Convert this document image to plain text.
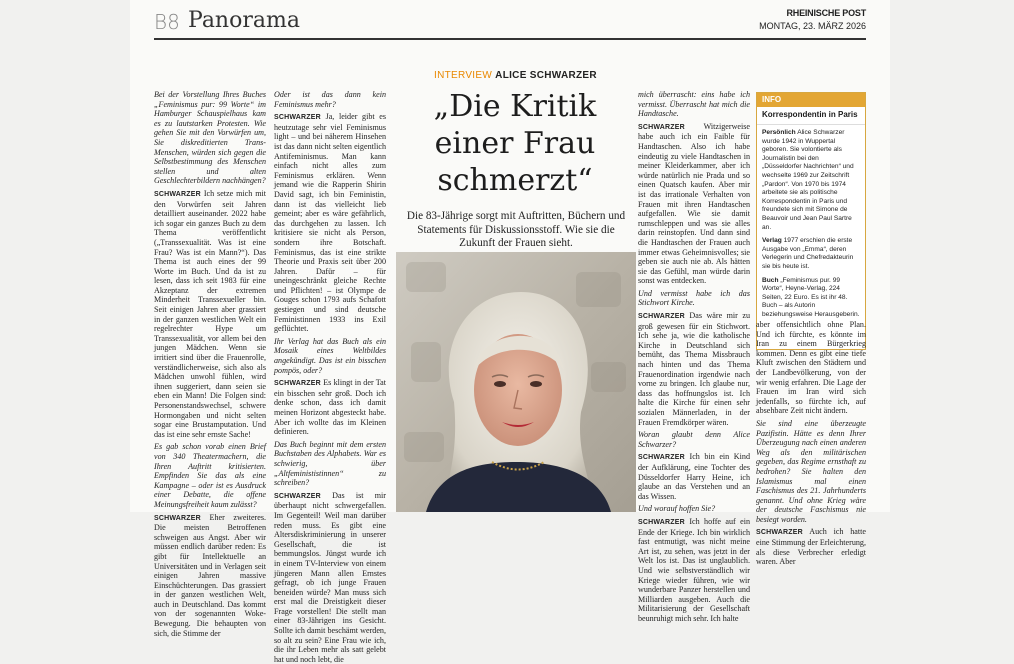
B8 Panorama	RHEINISCHE POST
MONTAG, 23. MÄRZ 2026

Bei der Vorstellung Ihres Buches „Feminismus pur: 99 Worte“ im Hamburger Schauspielhaus kam es zu lautstarken Protesten. Wie gehen Sie mit den Vorwürfen um, Sie diskreditierten Trans-Menschen, würden sich gegen die Selbstbestimmung des Menschen stellen und alten Geschlechterbildern nachhängen?

SCHWARZER Ich setze mich mit den Vorwürfen seit Jahren detailliert auseinander. 2022 habe ich sogar ein ganzes Buch zu dem Thema veröffentlicht („Transsexualität. Was ist eine Frau? Was ist ein Mann?“). Das Thema ist auch eines der 99 Worte im Buch. Und da ist zu lesen, dass ich seit 1983 für eine Akzeptanz der extremen Minderheit Transsexueller bin. Seit einigen Jahren aber grassiert in der ganzen westlichen Welt ein regelrechter Hype um Transsexualität, vor allem bei den jungen Mädchen. Wenn sie irritiert sind über die Frauenrolle, verständlicherweise, sich also als Mädchen unwohl fühlen, wird ihnen suggeriert, dann seien sie eben ein Mann! Die Folgen sind: Personenstandswechsel, schwere Hormongaben und nicht selten sogar eine Brustamputation. Und das ist eine sehr ernste Sache!

Es gab schon vorab einen Brief von 340 Theatermachern, die Ihren Auftritt kritisierten. Empfinden Sie das als eine Kampagne – oder ist es Ausdruck einer Debatte, die offene Meinungsfreiheit kaum zulässt?

SCHWARZER Eher zweiteres. Die meisten Betroffenen schweigen aus Angst. Aber wir müssen endlich darüber reden: Es gibt für Intellektuelle an Universitäten und in Verlagen seit einigen Jahren massive Einschüchterungen. Das grassiert in der ganzen westlichen Welt, auch in Deutschland. Das kommt von der sogenannten Woke-Bewegung. Die behaupten von sich, die Stimme der

Oder ist das dann kein Feminismus mehr?

SCHWARZER Ja, leider gibt es heutzutage sehr viel Feminismus light – und bei näherem Hinsehen ist das dann nicht selten eigentlich Antifeminismus. Man kann einfach nicht alles zum Feminismus erklären. Wenn jemand wie die Rapperin Shirin David sagt, ich bin Feministin, dann ist das vielleicht lieb gemeint; aber es wäre gefährlich, das durchgehen zu lassen. Ich kritisiere sie nicht als Person, sondern ihre Botschaft. Feminismus, das ist eine strikte Theorie und Praxis seit über 200 Jahren. Dafür – für uneingeschränkt gleiche Rechte und Pflichten! – ist Olympe de Gouges schon 1793 aufs Schafott gestiegen und sind deutsche Feministinnen 1933 ins Exil geflüchtet.

Ihr Verlag hat das Buch als ein Mosaik eines Weltbildes angekündigt. Das ist ein bisschen pompös, oder?

SCHWARZER Es klingt in der Tat ein bisschen sehr groß. Doch ich denke schon, dass ich damit meinen Horizont abgesteckt habe. Aber ich wollte das im Kleinen definieren.

Das Buch beginnt mit dem ersten Buchstaben des Alphabets. War es schwierig, über „Altfeminististinnen“ zu schreiben?

SCHWARZER Das ist mir überhaupt nicht schwergefallen. Im Gegenteil! Weil man darüber reden muss. Es gibt eine Altersdiskriminierung in unserer Gesellschaft, die ist bemmungslos. Jüngst wurde ich in einem TV-Interview von einem jüngeren Mann allen Ernstes gefragt, ob ich junge Frauen beneiden würde? Man muss sich erst mal die Dreistigkeit dieser Frage vorstellen! Die stellt man einer 83-Jährigen ins Gesicht. Sollte ich damit beschämt werden, so alt zu sein? Eine Frau wie ich, die ihr Leben mehr als satt gelebt hat und noch lebt, die

INTERVIEW ALICE SCHWARZER
„Die Kritik
einer Frau
schmerzt“
Die 83-Jährige sorgt mit Auftritten, Büchern und Statements für Diskussionsstoff. Wie sie die Zukunft der Frauen sieht.

mich überrascht: eins habe ich vermisst. Überrascht hat mich die Handtasche.

SCHWARZER Witzigerweise habe auch ich ein Faible für Handtaschen. Also ich habe eindeutig zu viele Handtaschen in meiner Kleiderkammer, aber ich würde natürlich nie Prada und so einen Quatsch kaufen. Aber mir ist das irrationale Verhalten von Frauen mit ihren Handtaschen aufgefallen. Wie sie damit rumschleppen und was sie alles darin reinstopfen. Und dann sind die Handtaschen der Frauen auch immer etwas Geheimnisvolles; sie geben sie auch nie ab. Als hätten sie das Gefühl, man würde darin sonst was entdecken.

Und vermisst habe ich das Stichwort Kirche.

SCHWARZER Das wäre mir zu groß gewesen für ein Stichwort. Ich sehe ja, wie die katholische Kirche in Deutschland sich bemüht, das Thema Missbrauch nach hinten und das Thema Frauenordination irgendwie nach vorne zu bringen. Ich glaube nur, dass das hoffnungslos ist. Ich halte die Kirche für einen sehr sozialen Männerladen, in der Frauen Fremdkörper wären.

Woran glaubt denn Alice Schwarzer?

SCHWARZER Ich bin ein Kind der Aufklärung, eine Tochter des Düsseldorfer Harry Heine, ich glaube an das Verstehen und an das Wissen.

Und worauf hoffen Sie?

SCHWARZER Ich hoffe auf ein Ende der Kriege. Ich bin wirklich fast entmutigt, was nicht meine Art ist, zu sehen, was jetzt in der Welt los ist. Das ist unglaublich. Und wie selbstverständlich wir Kriege wieder führen, wie wir wunderbare Panzer herstellen und Milliarden ausgeben. Auch die Militarisierung der Gesellschaft beunruhigt mich sehr. Ich halte

INFO
Korrespondentin in Paris

Persönlich Alice Schwarzer wurde 1942 in Wuppertal geboren. Sie volontierte als Journalistin bei den „Düsseldorfer Nachrichten“ und wechselte 1969 zur Zeitschrift „Pardon“. Von 1970 bis 1974 arbeitete sie als politische Korrespondentin in Paris und freundete sich mit Simone de Beauvoir und Jean Paul Sartre an.

Verlag 1977 erschien die erste Ausgabe von „Emma“, deren Verlegerin und Chefredakteurin sie bis heute ist.

Buch „Feminismus pur. 99 Worte“, Heyne-Verlag, 224 Seiten, 22 Euro. Es ist ihr 48. Buch – als Autorin beziehungsweise Herausgeberin.

aber offensichtlich ohne Plan. Und ich fürchte, es könnte im Iran zu einem Bürgerkrieg kommen. Denn es gibt eine tiefe Kluft zwischen den Städtern und der Landbevölkerung, von der wir wenig erfahren. Die Lage der Frauen im Iran wird sich jedenfalls, so fürchte ich, auf absehbare Zeit nicht ändern.

Sie sind eine überzeugte Pazifistin. Hätte es denn Ihrer Überzeugung nach einen anderen Weg als den militärischen gegeben, das Regime ernsthaft zu bedrohen? Sie halten den Islamismus mal einen Faschismus des 21. Jahrhunderts genannt. Und ohne Krieg wäre der deutsche Faschismus nie besiegt worden.

SCHWARZER Auch ich hatte eine Stimmung der Erleichterung, als diese Verbrecher erledigt waren. Aber
